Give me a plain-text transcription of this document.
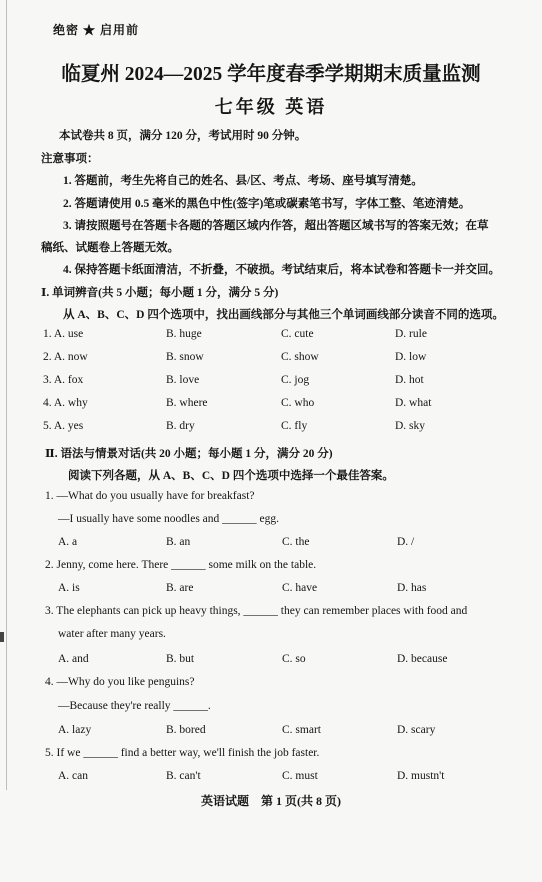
绝密 ★ 启用前
临夏州 2024—2025 学年度春季学期期末质量监测
七年级 英语
本试卷共 8 页，满分 120 分，考试用时 90 分钟。
注意事项：
1. 答题前，考生先将自己的姓名、县/区、考点、考场、座号填写清楚。
2. 答题请使用 0.5 毫米的黑色中性(签字)笔或碳素笔书写，字体工整、笔迹清楚。
3. 请按照题号在答题卡各题的答题区域内作答，超出答题区域书写的答案无效；在草
稿纸、试题卷上答题无效。
4. 保持答题卡纸面清洁，不折叠，不破损。考试结束后，将本试卷和答题卡一并交回。
Ⅰ. 单词辨音(共 5 小题；每小题 1 分，满分 5 分)
从 A、B、C、D 四个选项中，找出画线部分与其他三个单词画线部分读音不同的选项。
1. A. use	B. huge	C. cute	D. rule
2. A. now	B. snow	C. show	D. low
3. A. fox	B. love	C. jog	D. hot
4. A. why	B. where	C. who	D. what
5. A. yes	B. dry	C. fly	D. sky
Ⅱ. 语法与情景对话(共 20 小题；每小题 1 分，满分 20 分)
阅读下列各题，从 A、B、C、D 四个选项中选择一个最佳答案。
1. —What do you usually have for breakfast?
—I usually have some noodles and ______ egg.
A. a	B. an	C. the	D. /
2. Jenny, come here. There ______ some milk on the table.
A. is	B. are	C. have	D. has
3. The elephants can pick up heavy things, ______ they can remember places with food and
water after many years.
A. and	B. but	C. so	D. because
4. —Why do you like penguins?
—Because they're really ______.
A. lazy	B. bored	C. smart	D. scary
5. If we ______ find a better way, we'll finish the job faster.
A. can	B. can't	C. must	D. mustn't
英语试题　第 1 页(共 8 页)
